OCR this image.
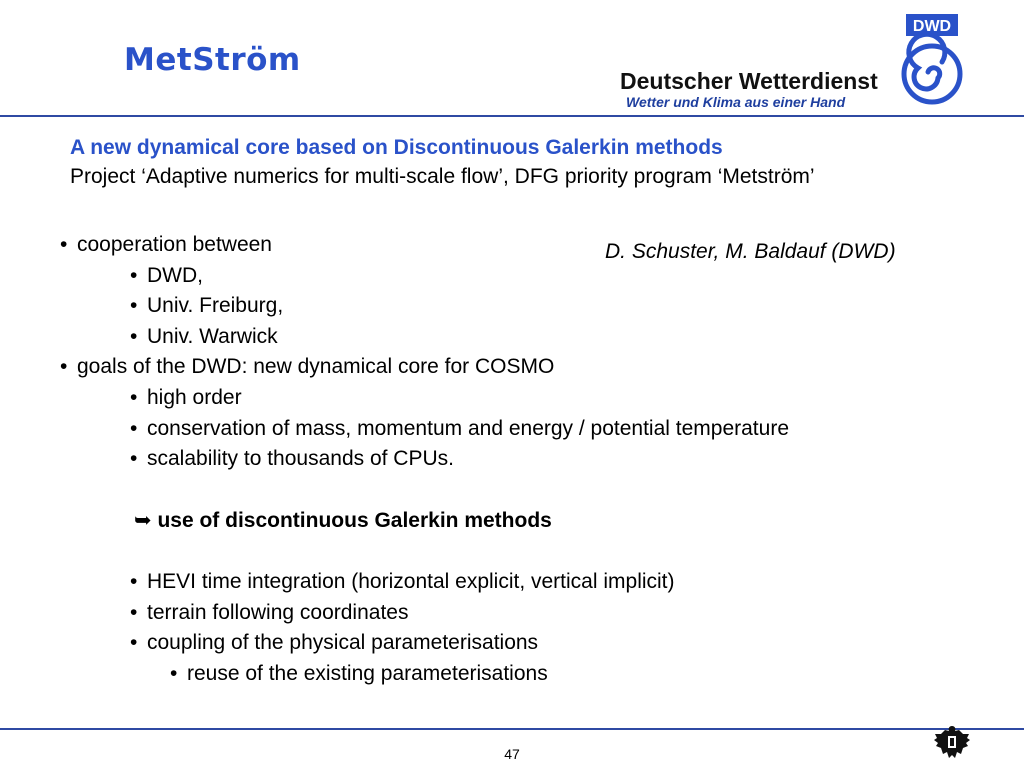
MetStröm
Deutscher Wetterdienst
Wetter und Klima aus einer Hand
DWD
A new dynamical core based on Discontinuous Galerkin methods
Project ‘Adaptive numerics for multi-scale flow’, DFG priority program ‘Metström’
D. Schuster, M. Baldauf (DWD)
• cooperation between
• DWD,
• Univ. Freiburg,
• Univ. Warwick
• goals of the DWD: new dynamical core for COSMO
• high order
• conservation of mass, momentum and energy / potential temperature
• scalability to thousands of CPUs.
➥ use of discontinuous Galerkin methods
• HEVI time integration (horizontal explicit, vertical implicit)
• terrain following coordinates
• coupling of the physical parameterisations
• reuse of the existing parameterisations
47
